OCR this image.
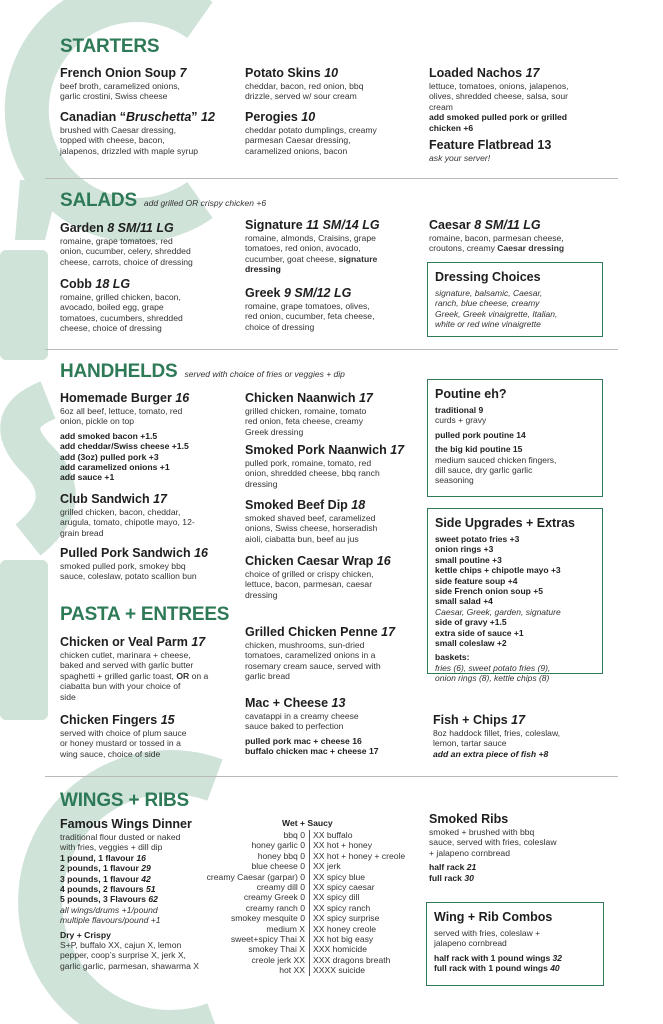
STARTERS
French Onion Soup 7

beef broth, caramelized onions,

garlic crostini, Swiss cheese

Potato Skins 10

cheddar, bacon, red onion, bbq

drizzle, served w/ sour cream

Loaded Nachos 17

lettuce, tomatoes, onions, jalapenos,

olives, shredded cheese, salsa, sour

cream

add smoked pulled pork or grilled

chicken +6

Canadian “Bruschetta” 12

brushed with Caesar dressing,

topped with cheese, bacon,

jalapenos, drizzled with maple syrup

Perogies 10

cheddar potato dumplings, creamy

parmesan Caesar dressing,

caramelized onions, bacon	Feature Flatbread 13

ask your server!

SALADS add grilled OR crispy chicken +6
Garden 8 SM/11 LG

romaine, grape tomatoes, red

onion, cucumber, celery, shredded

cheese, carrots, choice of dressing

Signature 11 SM/14 LG

romaine, almonds, Craisins, grape

tomatoes, red onion, avocado,

cucumber, goat cheese, signature

dressing

Caesar 8 SM/11 LG

romaine, bacon, parmesan cheese,

croutons, creamy Caesar dressing

Cobb 18 LG

romaine, grilled chicken, bacon,

avocado, boiled egg, grape

tomatoes, cucumbers, shredded

cheese, choice of dressing

Greek 9 SM/12 LG

romaine, grape tomatoes, olives,

red onion, cucumber, feta cheese,

choice of dressing

Dressing Choices

signature, balsamic, Caesar,

ranch, blue cheese, creamy

Greek, Greek vinaigrette, Italian,

white or red wine vinaigrette

HANDHELDS served with choice of fries or veggies + dip
Homemade Burger 16

6oz all beef, lettuce, tomato, red

onion, pickle on top

add smoked bacon +1.5

add cheddar/Swiss cheese +1.5

add (3oz) pulled pork +3

add caramelized onions +1

add sauce +1

Club Sandwich 17

grilled chicken, bacon, cheddar,

arugula, tomato, chipotle mayo, 12-

grain bread

Pulled Pork Sandwich 16

smoked pulled pork, smokey bbq

sauce, coleslaw, potato scallion bun

Chicken Naanwich 17

grilled chicken, romaine, tomato

red onion, feta cheese, creamy

Greek dressing

Smoked Pork Naanwich 17

pulled pork, romaine, tomato, red

onion, shredded cheese, bbq ranch

dressing

Smoked Beef Dip 18

smoked shaved beef, caramelized

onions, Swiss cheese, horseradish

aioli, ciabatta bun, beef au jus

Chicken Caesar Wrap 16

choice of grilled or crispy chicken,

lettuce, bacon, parmesan, caesar

dressing

Poutine eh?

traditional 9

curds + gravy

pulled pork poutine 14

the big kid poutine 15

medium sauced chicken fingers,

dill sauce, dry garlic garlic

seasoning

Side Upgrades + Extras

sweet potato fries +3

onion rings +3

small poutine +3

kettle chips + chipotle mayo +3

side feature soup +4

side French onion soup +5

small salad +4

Caesar, Greek, garden, signature

side of gravy +1.5

extra side of sauce +1

small coleslaw +2

baskets:

fries (6), sweet potato fries (9),

onion rings (8), kettle chips (8)

PASTA + ENTREES
Chicken or Veal Parm 17

chicken cutlet, marinara + cheese,

baked and served with garlic butter

spaghetti + grilled garlic toast, OR on a

ciabatta bun with your choice of

side

Chicken Fingers 15

served with choice of plum sauce

or honey mustard or tossed in a

wing sauce, choice of side

Grilled Chicken Penne 17

chicken, mushrooms, sun-dried

tomatoes, caramelized onions in a

rosemary cream sauce, served with

garlic bread

Mac + Cheese 13

cavatappi in a creamy cheese

sauce baked to perfection

pulled pork mac + cheese 16

buffalo chicken mac + cheese 17

Fish + Chips 17

8oz haddock fillet, fries, coleslaw,

lemon, tartar sauce

add an extra piece of fish +8

WINGS + RIBS
Famous Wings Dinner

traditional flour dusted or naked

with fries, veggies + dill dip

1 pound, 1 flavour 16

2 pounds, 1 flavour 29

3 pounds, 1 flavour 42

4 pounds, 2 flavours 51

5 pounds, 3 Flavours 62

all wings/drums +1/pound

multiple flavours/pound +1

Dry + Crispy

S+P, buffalo XX, cajun X, lemon

pepper, coop’s surprise X, jerk X,

garlic garlic, parmesan, shawarma X

Wet + Saucy

bbq 0

honey garlic 0

honey bbq 0

blue cheese 0

creamy Caesar (garpar) 0

creamy dill 0

creamy Greek 0

creamy ranch 0

smokey mesquite 0

medium X

sweet+spicy Thai X

smokey Thai X

creole jerk XX

hot XX

XX buffalo

XX hot + honey

XX hot + honey + creole

XX jerk

XX spicy blue

XX spicy caesar

XX spicy dill

XX spicy ranch

XX spicy surprise

XX honey creole

XX hot big easy

XXX homicide

XXX dragons breath

XXXX suicide

Smoked Ribs

smoked + brushed with bbq

sauce, served with fries, coleslaw

+ jalapeno cornbread

half rack 21

full rack 30

Wing + Rib Combos

served with fries, coleslaw +

jalapeno cornbread

half rack with 1 pound wings 32

full rack with 1 pound wings 40
